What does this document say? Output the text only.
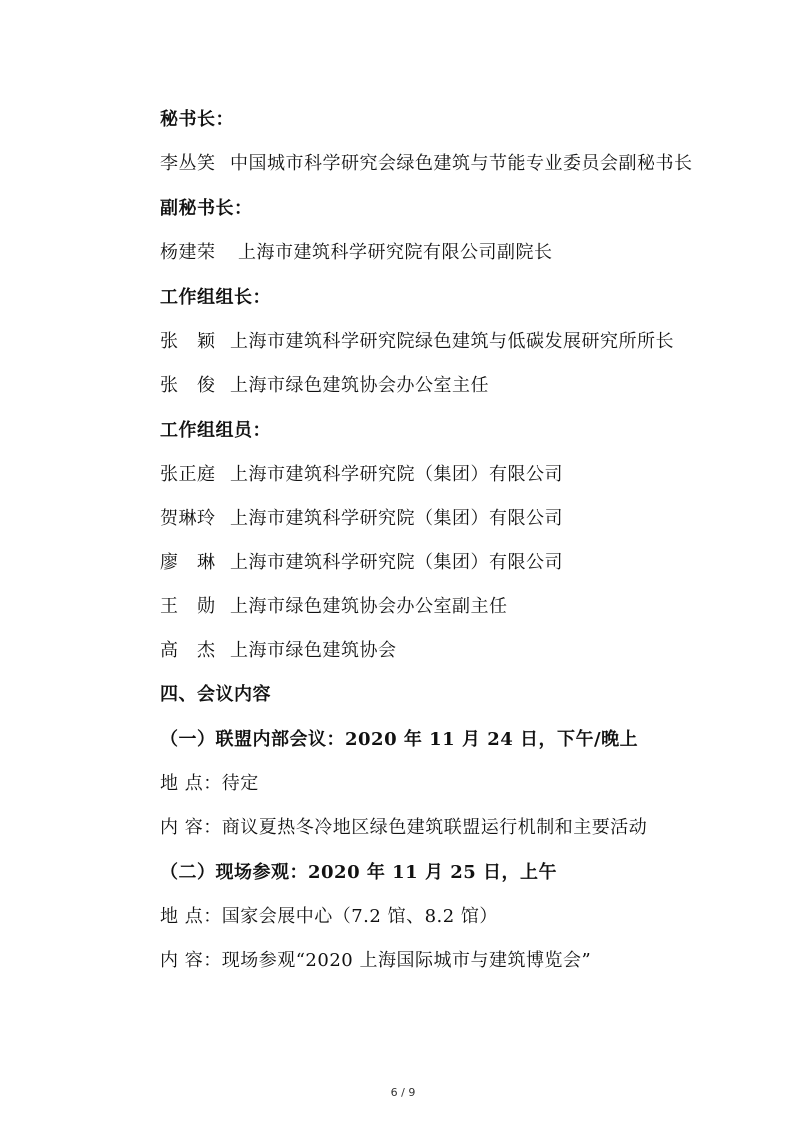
秘书长：
李丛笑 中国城市科学研究会绿色建筑与节能专业委员会副秘书长
副秘书长：
杨建荣 上海市建筑科学研究院有限公司副院长
工作组组长：
张　颖 上海市建筑科学研究院绿色建筑与低碳发展研究所所长
张　俊 上海市绿色建筑协会办公室主任
工作组组员：
张正庭 上海市建筑科学研究院（集团）有限公司
贺琳玲 上海市建筑科学研究院（集团）有限公司
廖　琳 上海市建筑科学研究院（集团）有限公司
王　勋 上海市绿色建筑协会办公室副主任
高　杰 上海市绿色建筑协会
四、会议内容
（一）联盟内部会议：2020 年 11 月 24 日，下午/晚上
地 点：待定
内 容：商议夏热冬冷地区绿色建筑联盟运行机制和主要活动
（二）现场参观：2020 年 11 月 25 日，上午
地 点：国家会展中心（7.2 馆、8.2 馆）
内 容：现场参观“2020 上海国际城市与建筑博览会”
6 / 9
